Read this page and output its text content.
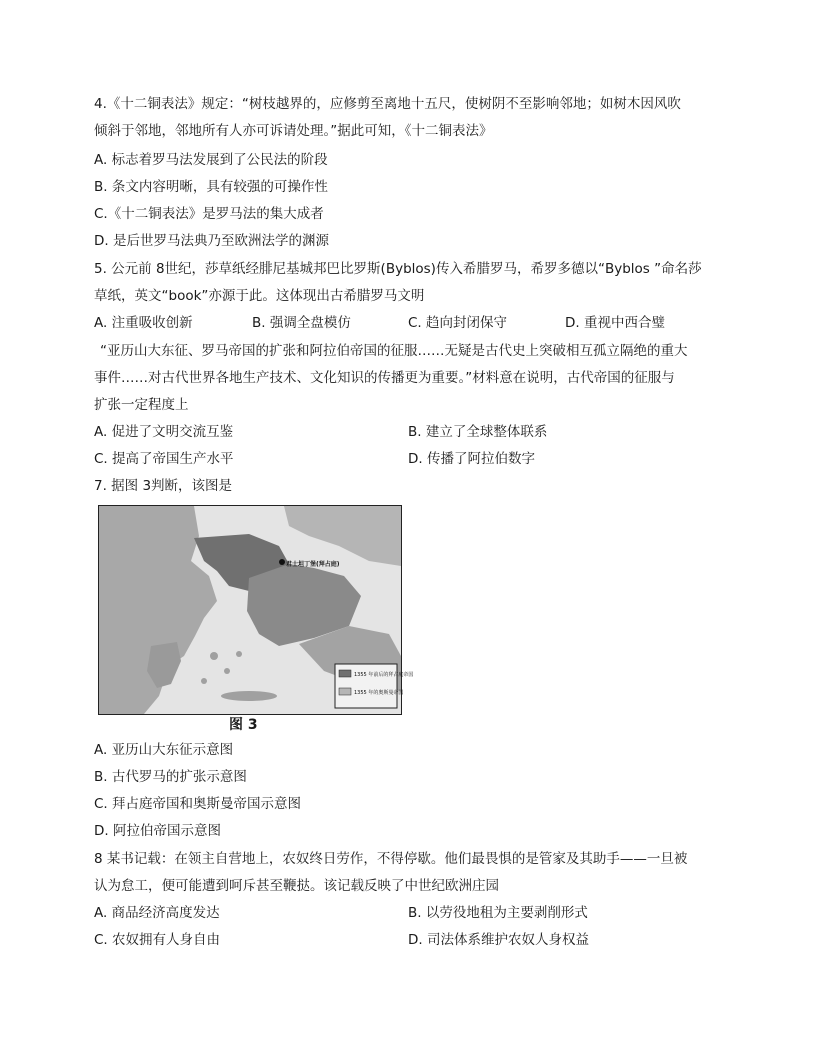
4.《十二铜表法》规定：“树枝越界的，应修剪至离地十五尺，使树阴不至影响邻地；如树木因风吹
倾斜于邻地，邻地所有人亦可诉请处理。”据此可知，《十二铜表法》
A. 标志着罗马法发展到了公民法的阶段
B. 条文内容明晰，具有较强的可操作性
C.《十二铜表法》是罗马法的集大成者
D. 是后世罗马法典乃至欧洲法学的渊源
5. 公元前 8世纪，莎草纸经腓尼基城邦巴比罗斯(Byblos)传入希腊罗马，希罗多德以“Byblos ”命名莎
草纸，英文“book”亦源于此。这体现出古希腊罗马文明
A. 注重吸收创新	B. 强调全盘模仿	C. 趋向封闭保守	D. 重视中西合璧
“亚历山大东征、罗马帝国的扩张和阿拉伯帝国的征服……无疑是古代史上突破相互孤立隔绝的重大
事件……对古代世界各地生产技术、文化知识的传播更为重要。”材料意在说明，古代帝国的征服与
扩张一定程度上
A. 促进了文明交流互鉴	B. 建立了全球整体联系
C. 提高了帝国生产水平	D. 传播了阿拉伯数字
7. 据图 3判断，该图是
1355 年前后的拜占庭帝国
1355 年的奥斯曼帝国
君士坦丁堡(拜占庭)
图 3
A. 亚历山大东征示意图
B. 古代罗马的扩张示意图
C. 拜占庭帝国和奥斯曼帝国示意图
D. 阿拉伯帝国示意图
8 某书记载：在领主自营地上，农奴终日劳作，不得停歇。他们最畏惧的是管家及其助手——一旦被
认为怠工，便可能遭到呵斥甚至鞭挞。该记载反映了中世纪欧洲庄园
A. 商品经济高度发达	B. 以劳役地租为主要剥削形式
C. 农奴拥有人身自由	D. 司法体系维护农奴人身权益
